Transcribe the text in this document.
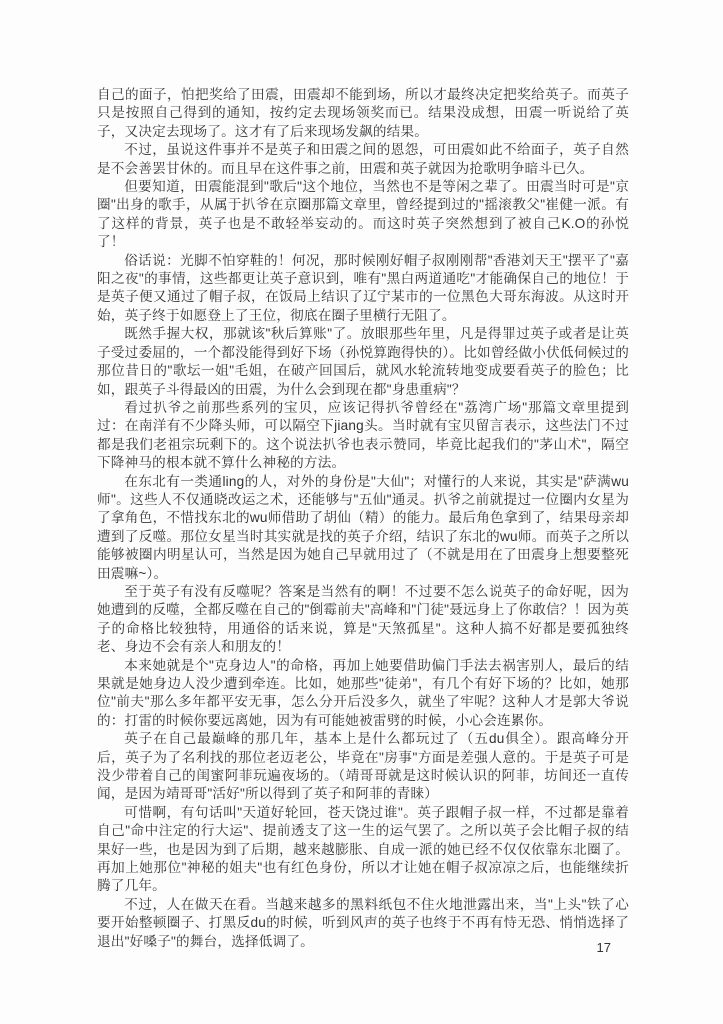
自己的面子，怕把奖给了田震，田震却不能到场，所以才最终决定把奖给英子。而英子只是按照自己得到的通知，按约定去现场领奖而已。结果没成想，田震一听说给了英子，又决定去现场了。这才有了后来现场发飙的结果。

不过，虽说这件事并不是英子和田震之间的恩怨，可田震如此不给面子，英子自然是不会善罢甘休的。而且早在这件事之前，田震和英子就因为抢歌明争暗斗已久。

但要知道，田震能混到"歌后"这个地位，当然也不是等闲之辈了。田震当时可是"京圈"出身的歌手，从属于扒爷在京圈那篇文章里，曾经提到过的"摇滚教父"崔健一派。有了这样的背景，英子也是不敢轻举妄动的。而这时英子突然想到了被自己K.O的孙悦了！

俗话说：光脚不怕穿鞋的！何况，那时候刚好帽子叔刚刚帮"香港刘天王"摆平了"嘉阳之夜"的事情，这些都更让英子意识到，唯有"黑白两道通吃"才能确保自己的地位！于是英子便又通过了帽子叔，在饭局上结识了辽宁某市的一位黑色大哥东海波。从这时开始，英子终于如愿登上了王位，彻底在圈子里横行无阻了。

既然手握大权，那就该"秋后算账"了。放眼那些年里，凡是得罪过英子或者是让英子受过委屈的，一个都没能得到好下场（孙悦算跑得快的）。比如曾经做小伏低伺候过的那位昔日的"歌坛一姐"毛姐，在破产回国后，就风水轮流转地变成要看英子的脸色；比如，跟英子斗得最凶的田震，为什么会到现在都"身患重病"？

看过扒爷之前那些系列的宝贝，应该记得扒爷曾经在"荔湾广场"那篇文章里提到过：在南洋有不少降头师，可以隔空下jiang头。当时就有宝贝留言表示，这些法门不过都是我们老祖宗玩剩下的。这个说法扒爷也表示赞同，毕竟比起我们的"茅山术"，隔空下降神马的根本就不算什么神秘的方法。

在东北有一类通ling的人，对外的身份是"大仙"；对懂行的人来说，其实是"萨满wu师"。这些人不仅通晓改运之术，还能够与"五仙"通灵。扒爷之前就提过一位圈内女星为了拿角色，不惜找东北的wu师借助了胡仙（精）的能力。最后角色拿到了，结果母亲却遭到了反噬。那位女星当时其实就是找的英子介绍，结识了东北的wu师。而英子之所以能够被圈内明星认可，当然是因为她自己早就用过了（不就是用在了田震身上想要整死田震嘛~）。

至于英子有没有反噬呢？答案是当然有的啊！不过要不怎么说英子的命好呢，因为她遭到的反噬，全都反噬在自己的"倒霉前夫"高峰和"门徒"聂远身上了你敢信？！因为英子的命格比较独特，用通俗的话来说，算是"天煞孤星"。这种人搞不好都是要孤独终老、身边不会有亲人和朋友的！

本来她就是个"克身边人"的命格，再加上她要借助偏门手法去祸害别人，最后的结果就是她身边人没少遭到牵连。比如，她那些"徒弟"，有几个有好下场的？比如，她那位"前夫"那么多年都平安无事，怎么分开后没多久，就坐了牢呢？这种人才是郭大爷说的：打雷的时候你要远离她，因为有可能她被雷劈的时候，小心会连累你。

英子在自己最巅峰的那几年，基本上是什么都玩过了（五du俱全）。跟高峰分开后，英子为了名利找的那位老迈老公，毕竟在"房事"方面是差强人意的。于是英子可是没少带着自己的闺蜜阿菲玩遍夜场的。（靖哥哥就是这时候认识的阿菲，坊间还一直传闻，是因为靖哥哥"活好"所以得到了英子和阿菲的青睐）

可惜啊，有句话叫"天道好轮回，苍天饶过谁"。英子跟帽子叔一样，不过都是靠着自己"命中注定的行大运"、提前透支了这一生的运气罢了。之所以英子会比帽子叔的结果好一些，也是因为到了后期，越来越膨胀、自成一派的她已经不仅仅依靠东北圈了。再加上她那位"神秘的姐夫"也有红色身份，所以才让她在帽子叔凉凉之后，也能继续折腾了几年。

不过，人在做天在看。当越来越多的黑料纸包不住火地泄露出来，当"上头"铁了心要开始整顿圈子、打黑反du的时候，听到风声的英子也终于不再有恃无恐、悄悄选择了退出"好嗓子"的舞台，选择低调了。	17
